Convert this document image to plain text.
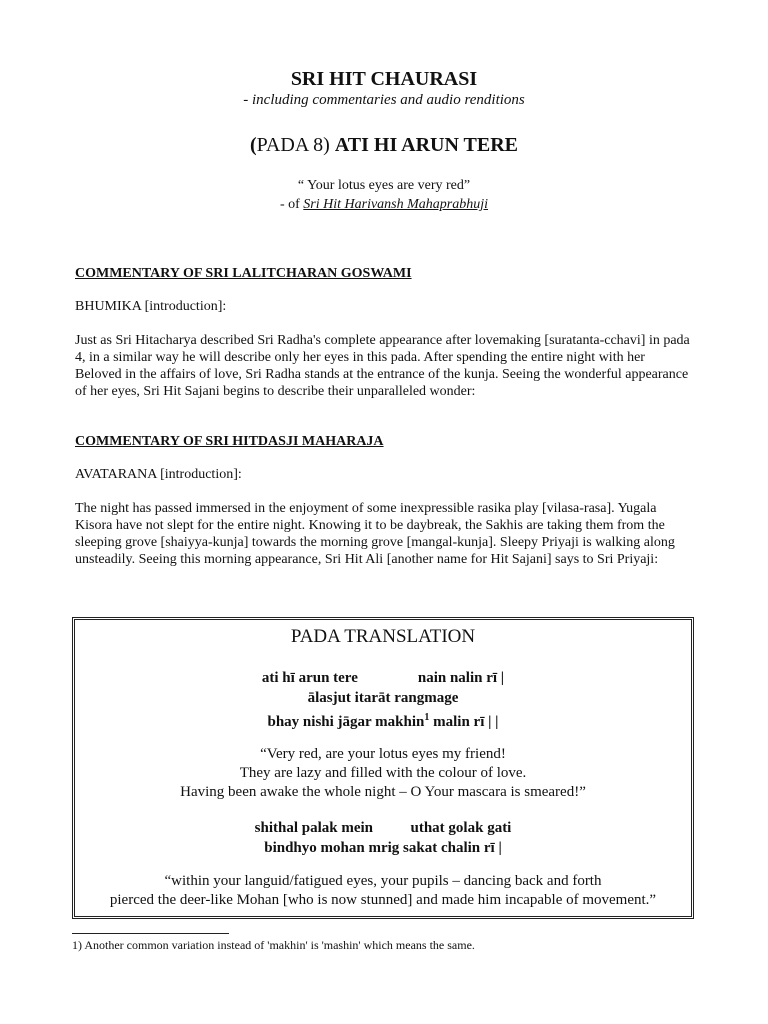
SRI HIT CHAURASI
- including commentaries and audio renditions
(PADA 8) ATI HI ARUN TERE
“ Your lotus eyes are very red”
- of Sri Hit Harivansh Mahaprabhuji
COMMENTARY OF SRI LALITCHARAN GOSWAMI
BHUMIKA [introduction]:
Just as Sri Hitacharya described Sri Radha's complete appearance after lovemaking [suratanta-cchavi] in pada 4, in a similar way he will describe only her eyes in this pada. After spending the entire night with her Beloved in the affairs of love, Sri Radha stands at the entrance of the kunja. Seeing the wonderful appearance of her eyes, Sri Hit Sajani begins to describe their unparalleled wonder:
COMMENTARY OF SRI HITDASJI MAHARAJA
AVATARANA [introduction]:
The night has passed immersed in the enjoyment of some inexpressible rasika play [vilasa-rasa]. Yugala Kisora have not slept for the entire night. Knowing it to be daybreak, the Sakhis are taking them from the sleeping grove [shaiyya-kunja] towards the morning grove [mangal-kunja]. Sleepy Priyaji is walking along unsteadily. Seeing this morning appearance, Sri Hit Ali [another name for Hit Sajani] says to Sri Priyaji:
PADA TRANSLATION
ati hī arun tere                nain nalin rī |
ālasjut itarāt rangmage
bhay nishi jāgar makhin$^1$ malin rī | |
“Very red, are your lotus eyes my friend!
They are lazy and filled with the colour of love.
Having been awake the whole night – O Your mascara is smeared!”
shithal palak mein          uthat golak gati
bindhyo mohan mrig sakat chalin rī |
“within your languid/fatigued eyes, your pupils – dancing back and forth
pierced the deer-like Mohan [who is now stunned] and made him incapable of movement.”
1) Another common variation instead of 'makhin' is 'mashin' which means the same.
